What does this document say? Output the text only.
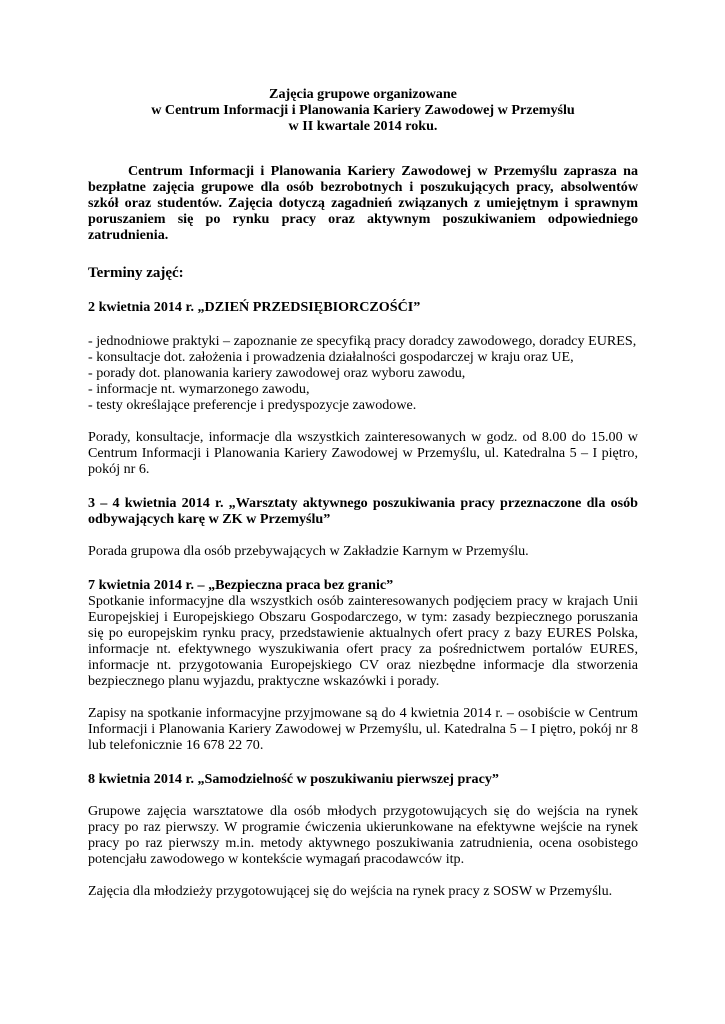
Zajęcia grupowe organizowane
w Centrum Informacji i Planowania Kariery Zawodowej w Przemyślu
w II kwartale 2014 roku.

Centrum Informacji i Planowania Kariery Zawodowej w Przemyślu zaprasza na bezpłatne zajęcia grupowe dla osób bezrobotnych i poszukujących pracy, absolwentów szkół oraz studentów. Zajęcia dotyczą zagadnień związanych z umiejętnym i sprawnym poruszaniem się po rynku pracy oraz aktywnym poszukiwaniem odpowiedniego zatrudnienia.

Terminy zajęć:

2 kwietnia 2014 r. „DZIEŃ PRZEDSIĘBIORCZOŚĆI”

- jednodniowe praktyki – zapoznanie ze specyfiką pracy doradcy zawodowego, doradcy EURES,
- konsultacje dot. założenia i prowadzenia działalności gospodarczej w kraju oraz UE,
- porady dot. planowania kariery zawodowej oraz wyboru zawodu,
- informacje nt. wymarzonego zawodu,
- testy określające preferencje i predyspozycje zawodowe.

Porady, konsultacje, informacje dla wszystkich zainteresowanych w godz. od 8.00 do 15.00 w Centrum Informacji i Planowania Kariery Zawodowej w Przemyślu, ul. Katedralna 5 – I piętro, pokój nr 6.

3 – 4 kwietnia 2014 r. „Warsztaty aktywnego poszukiwania pracy przeznaczone dla osób odbywających karę w ZK w Przemyślu”

Porada grupowa dla osób przebywających w Zakładzie Karnym w Przemyślu.

7 kwietnia 2014 r. – „Bezpieczna praca bez granic”

Spotkanie informacyjne dla wszystkich osób zainteresowanych podjęciem pracy w krajach Unii Europejskiej i Europejskiego Obszaru Gospodarczego, w tym: zasady bezpiecznego poruszania się po europejskim rynku pracy, przedstawienie aktualnych ofert pracy z bazy EURES Polska, informacje nt. efektywnego wyszukiwania ofert pracy za pośrednictwem portalów EURES, informacje nt. przygotowania Europejskiego CV oraz niezbędne informacje dla stworzenia bezpiecznego planu wyjazdu, praktyczne wskazówki i porady.

Zapisy na spotkanie informacyjne przyjmowane są do 4 kwietnia 2014 r. – osobiście w Centrum Informacji i Planowania Kariery Zawodowej w Przemyślu, ul. Katedralna 5 – I piętro, pokój nr 8 lub telefonicznie 16 678 22 70.

8 kwietnia 2014 r. „Samodzielność w poszukiwaniu pierwszej pracy”

Grupowe zajęcia warsztatowe dla osób młodych przygotowujących się do wejścia na rynek pracy po raz pierwszy. W programie ćwiczenia ukierunkowane na efektywne wejście na rynek pracy po raz pierwszy m.in. metody aktywnego poszukiwania zatrudnienia, ocena osobistego potencjału zawodowego w kontekście wymagań pracodawców itp.

Zajęcia dla młodzieży przygotowującej się do wejścia na rynek pracy z SOSW w Przemyślu.
